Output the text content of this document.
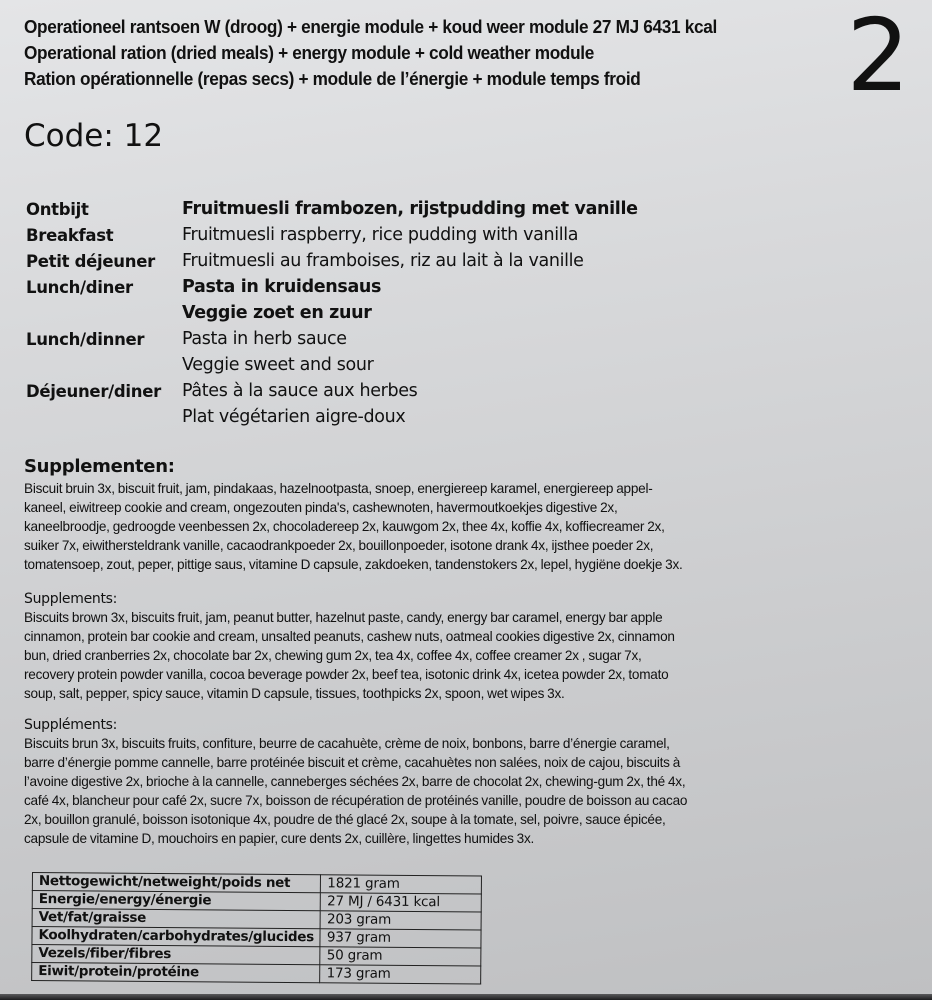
Operationeel rantsoen W (droog) + energie module + koud weer module 27 MJ 6431 kcal
Operational ration (dried meals) + energy module + cold weather module
Ration opérationnelle (repas secs) + module de l’énergie + module temps froid	2
Code: 12
Ontbijt	Fruitmuesli frambozen, rijstpudding met vanille
Breakfast	Fruitmuesli raspberry, rice pudding with vanilla
Petit déjeuner	Fruitmuesli au framboises, riz au lait à la vanille
Lunch/diner	Pasta in kruidensaus
Veggie zoet en zuur
Lunch/dinner	Pasta in herb sauce
Veggie sweet and sour
Déjeuner/diner	Pâtes à la sauce aux herbes
Plat végétarien aigre-doux
Supplementen:
Biscuit bruin 3x, biscuit fruit, jam, pindakaas, hazelnootpasta, snoep, energiereep karamel, energiereep appel-
kaneel, eiwitreep cookie and cream, ongezouten pinda's, cashewnoten, havermoutkoekjes digestive 2x,
kaneelbroodje, gedroogde veenbessen 2x, chocoladereep 2x, kauwgom 2x, thee 4x, koffie 4x, koffiecreamer 2x,
suiker 7x, eiwithersteldrank vanille, cacaodrankpoeder 2x, bouillonpoeder, isotone drank 4x, ijsthee poeder 2x,
tomatensoep, zout, peper, pittige saus, vitamine D capsule, zakdoeken, tandenstokers 2x, lepel, hygiëne doekje 3x.
Supplements:
Biscuits brown 3x, biscuits fruit, jam, peanut butter, hazelnut paste, candy, energy bar caramel, energy bar apple
cinnamon, protein bar cookie and cream, unsalted peanuts, cashew nuts, oatmeal cookies digestive 2x, cinnamon
bun, dried cranberries 2x, chocolate bar 2x, chewing gum 2x, tea 4x, coffee 4x, coffee creamer 2x , sugar 7x,
recovery protein powder vanilla, cocoa beverage powder 2x, beef tea, isotonic drink 4x, icetea powder 2x, tomato
soup, salt, pepper, spicy sauce, vitamin D capsule, tissues, toothpicks 2x, spoon, wet wipes 3x.
Suppléments:
Biscuits brun 3x, biscuits fruits, confiture, beurre de cacahuète, crème de noix, bonbons, barre d’énergie caramel,
barre d’énergie pomme cannelle, barre protéinée biscuit et crème, cacahuètes non salées, noix de cajou, biscuits à
l’avoine digestive 2x, brioche à la cannelle, canneberges séchées 2x, barre de chocolat 2x, chewing-gum 2x, thé 4x,
café 4x, blancheur pour café 2x, sucre 7x, boisson de récupération de protéinés vanille, poudre de boisson au cacao
2x, bouillon granulé, boisson isotonique 4x, poudre de thé glacé 2x, soupe à la tomate, sel, poivre, sauce épicée,
capsule de vitamine D, mouchoirs en papier, cure dents 2x, cuillère, lingettes humides 3x.
Nettogewicht/netweight/poids net	1821 gram
Energie/energy/énergie	27 MJ / 6431 kcal
Vet/fat/graisse	203 gram
Koolhydraten/carbohydrates/glucides	937 gram
Vezels/fiber/fibres	50 gram
Eiwit/protein/protéine	173 gram
